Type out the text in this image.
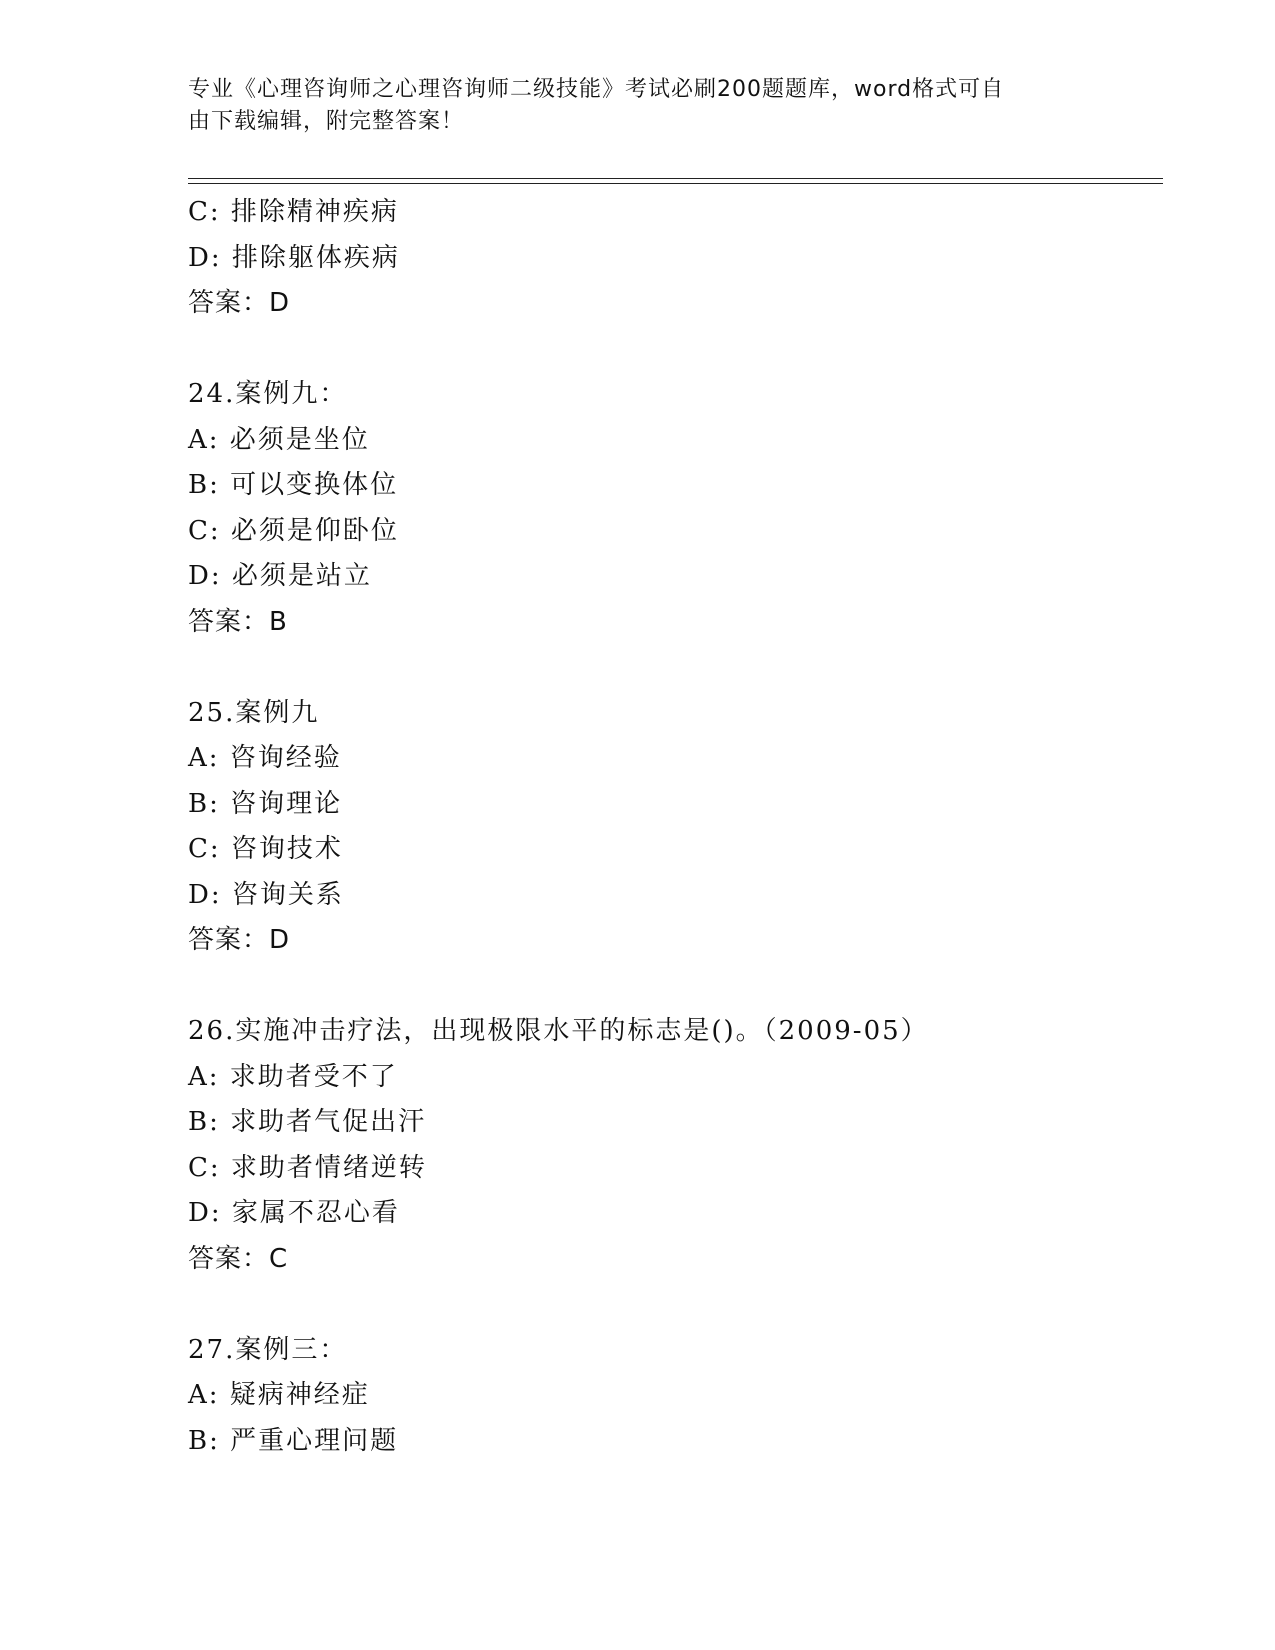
专业《心理咨询师之心理咨询师二级技能》考试必刷200题题库，word格式可自
由下载编辑，附完整答案！
C: 排除精神疾病
D: 排除躯体疾病
答案：D
24.案例九：
A: 必须是坐位
B: 可以变换体位
C: 必须是仰卧位
D: 必须是站立
答案：B
25.案例九
A: 咨询经验
B: 咨询理论
C: 咨询技术
D: 咨询关系
答案：D
26.实施冲击疗法，出现极限水平的标志是()。（2009-05）
A: 求助者受不了
B: 求助者气促出汗
C: 求助者情绪逆转
D: 家属不忍心看
答案：C
27.案例三：
A: 疑病神经症
B: 严重心理问题
